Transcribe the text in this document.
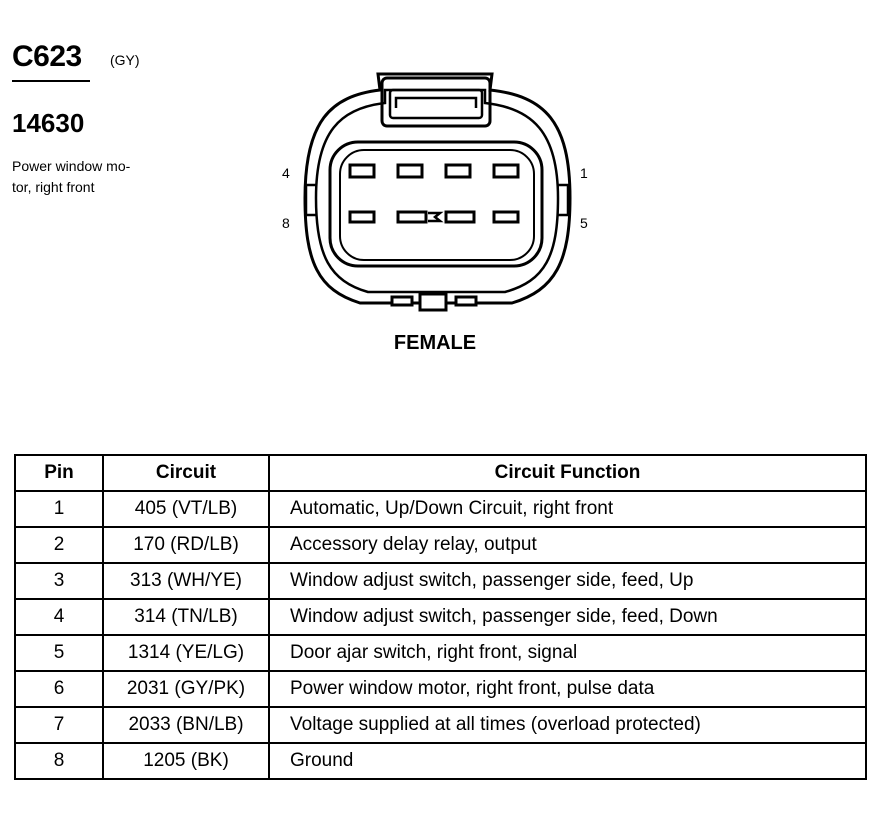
C623 (GY)
14630
Power window mo-
tor, right front
4
8
1
5
FEMALE
Pin	Circuit	Circuit Function
1	405 (VT/LB)	Automatic, Up/Down Circuit, right front
2	170 (RD/LB)	Accessory delay relay, output
3	313 (WH/YE)	Window adjust switch, passenger side, feed, Up
4	314 (TN/LB)	Window adjust switch, passenger side, feed, Down
5	1314 (YE/LG)	Door ajar switch, right front, signal
6	2031 (GY/PK)	Power window motor, right front, pulse data
7	2033 (BN/LB)	Voltage supplied at all times (overload protected)
8	1205 (BK)	Ground
